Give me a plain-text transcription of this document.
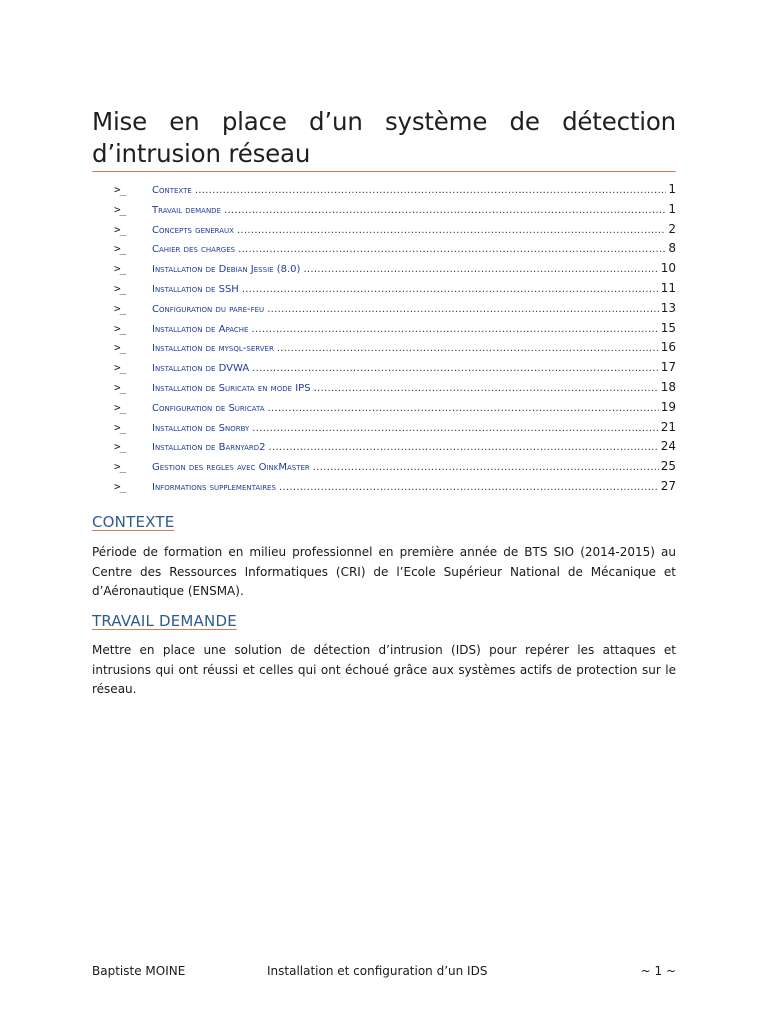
Mise en place d’un système de détection d’intrusion réseau
>_	Contexte .....	1
>_	Travail demande .....	1
>_	Concepts generaux .....	2
>_	Cahier des charges .....	8
>_	Installation de Debian Jessie (8.0) .....	10
>_	Installation de SSH .....	11
>_	Configuration du pare-feu .....	13
>_	Installation de Apache .....	15
>_	Installation de mysql-server .....	16
>_	Installation de DVWA .....	17
>_	Installation de Suricata en mode IPS .....	18
>_	Configuration de Suricata .....	19
>_	Installation de Snorby .....	21
>_	Installation de Barnyard2 .....	24
>_	Gestion des regles avec OinkMaster .....	25
>_	Informations supplementaires .....	27
CONTEXTE

Période de formation en milieu professionnel en première année de BTS SIO (2014-2015) au Centre des Ressources Informatiques (CRI) de l’Ecole Supérieur National de Mécanique et d’Aéronautique (ENSMA).

TRAVAIL DEMANDE

Mettre en place une solution de détection d’intrusion (IDS) pour repérer les attaques et intrusions qui ont réussi et celles qui ont échoué grâce aux systèmes actifs de protection sur le réseau.

Baptiste MOINE	Installation et configuration d’un IDS	~ 1 ~
